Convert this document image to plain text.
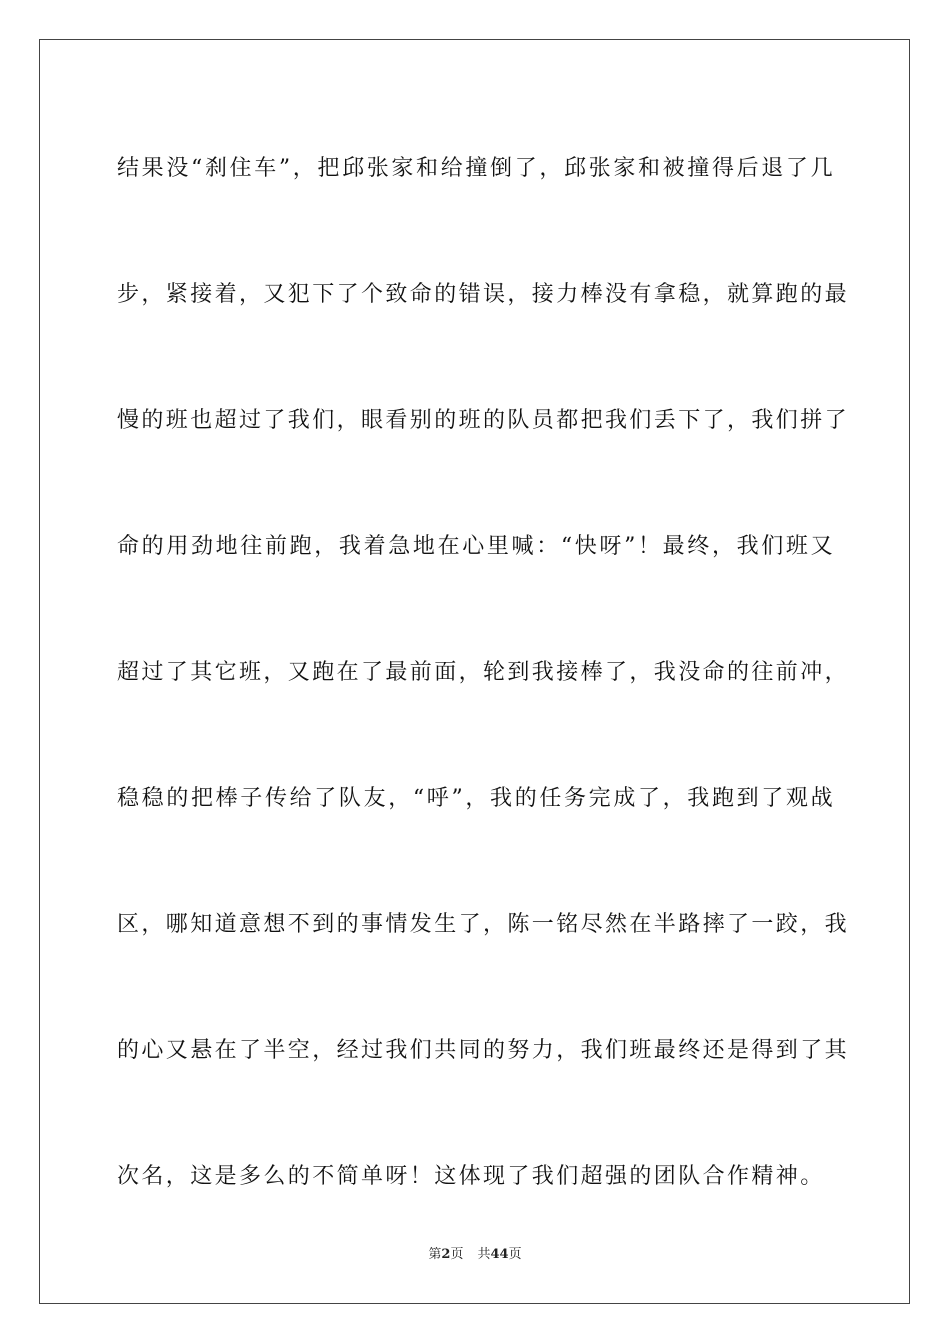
结果没“刹住车”，把邱张家和给撞倒了，邱张家和被撞得后退了几

步，紧接着，又犯下了个致命的错误，接力棒没有拿稳，就算跑的最

慢的班也超过了我们，眼看别的班的队员都把我们丢下了，我们拼了

命的用劲地往前跑，我着急地在心里喊：“快呀”！最终，我们班又

超过了其它班，又跑在了最前面，轮到我接棒了，我没命的往前冲，

稳稳的把棒子传给了队友，“呼”，我的任务完成了，我跑到了观战

区，哪知道意想不到的事情发生了，陈一铭尽然在半路摔了一跤，我

的心又悬在了半空，经过我们共同的努力，我们班最终还是得到了其

次名，这是多么的不简单呀！这体现了我们超强的团队合作精神。

第2页 共44页
